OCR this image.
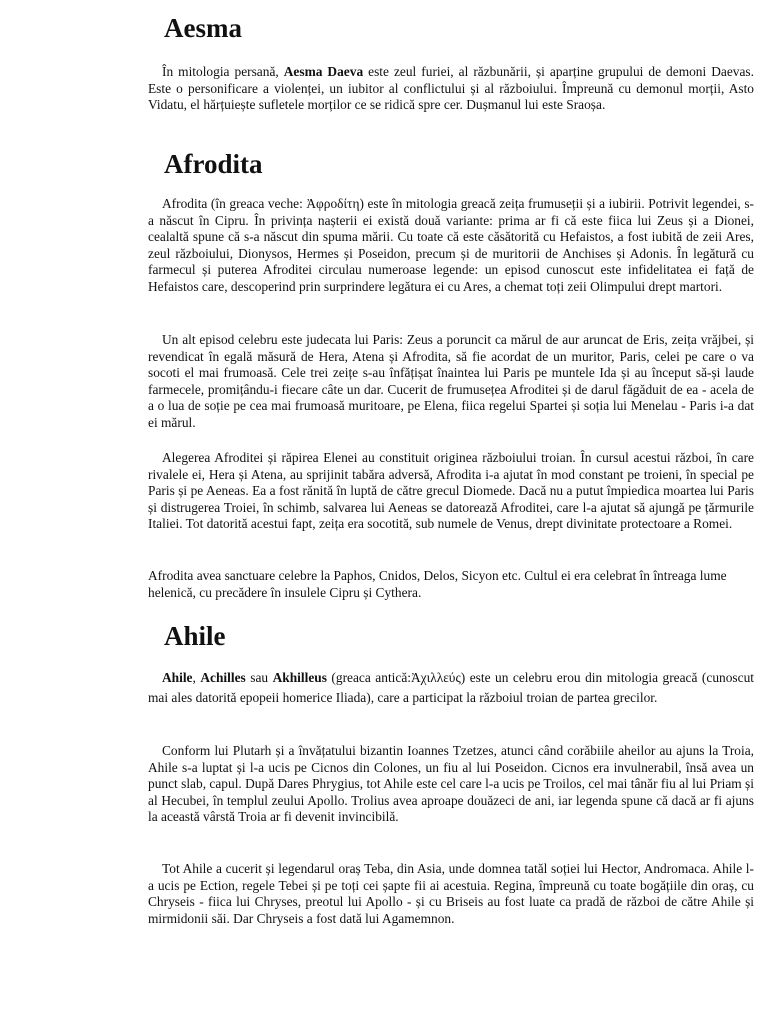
Aesma

În mitologia persană, Aesma Daeva este zeul furiei, al răzbunării, și aparține grupului de demoni Daevas. Este o personificare a violenței, un iubitor al conflictului și al războiului. Împreună cu demonul morții, Asto Vidatu, el hărțuiește sufletele morților ce se ridică spre cer. Dușmanul lui este Sraoșa.

Afrodita

Afrodita (în greaca veche: Ἀφροδίτη) este în mitologia greacă zeița frumuseții și a iubirii. Potrivit legendei, s-a născut în Cipru. În privința nașterii ei există două variante: prima ar fi că este fiica lui Zeus și a Dionei, cealaltă spune că s-a născut din spuma mării. Cu toate că este căsătorită cu Hefaistos, a fost iubită de zeii Ares, zeul războiului, Dionysos, Hermes și Poseidon, precum și de muritorii de Anchises și Adonis. În legătură cu farmecul și puterea Afroditei circulau numeroase legende: un episod cunoscut este infidelitatea ei față de Hefaistos care, descoperind prin surprindere legătura ei cu Ares, a chemat toți zeii Olimpului drept martori.

Un alt episod celebru este judecata lui Paris: Zeus a poruncit ca mărul de aur aruncat de Eris, zeița vrăjbei, și revendicat în egală măsură de Hera, Atena și Afrodita, să fie acordat de un muritor, Paris, celei pe care o va socoti el mai frumoasă. Cele trei zeițe s-au înfățișat înaintea lui Paris pe muntele Ida și au început să-și laude farmecele, promițându-i fiecare câte un dar. Cucerit de frumusețea Afroditei și de darul făgăduit de ea - acela de a o lua de soție pe cea mai frumoasă muritoare, pe Elena, fiica regelui Spartei și soția lui Menelau - Paris i-a dat ei mărul.

Alegerea Afroditei și răpirea Elenei au constituit originea războiului troian. În cursul acestui război, în care rivalele ei, Hera și Atena, au sprijinit tabăra adversă, Afrodita i-a ajutat în mod constant pe troieni, în special pe Paris și pe Aeneas. Ea a fost rănită în luptă de către grecul Diomede. Dacă nu a putut împiedica moartea lui Paris și distrugerea Troiei, în schimb, salvarea lui Aeneas se datorează Afroditei, care l-a ajutat să ajungă pe țărmurile Italiei. Tot datorită acestui fapt, zeița era socotită, sub numele de Venus, drept divinitate protectoare a Romei.

Afrodita avea sanctuare celebre la Paphos, Cnidos, Delos, Sicyon etc. Cultul ei era celebrat în întreaga lume helenică, cu precădere în insulele Cipru și Cythera.

Ahile

Ahile, Achilles sau Akhilleus (greaca antică:Ἀχιλλεύς) este un celebru erou din mitologia greacă (cunoscut mai ales datorită epopeii homerice Iliada), care a participat la războiul troian de partea grecilor.

Conform lui Plutarh și a învățatului bizantin Ioannes Tzetzes, atunci când corăbiile aheilor au ajuns la Troia, Ahile s-a luptat și l-a ucis pe Cicnos din Colones, un fiu al lui Poseidon. Cicnos era invulnerabil, însă avea un punct slab, capul. După Dares Phrygius, tot Ahile este cel care l-a ucis pe Troilos, cel mai tânăr fiu al lui Priam și al Hecubei, în templul zeului Apollo. Trolius avea aproape douăzeci de ani, iar legenda spune că dacă ar fi ajuns la această vârstă Troia ar fi devenit invincibilă.

Tot Ahile a cucerit și legendarul oraș Teba, din Asia, unde domnea tatăl soției lui Hector, Andromaca. Ahile l-a ucis pe Ection, regele Tebei și pe toți cei șapte fii ai acestuia. Regina, împreună cu toate bogățiile din oraș, cu Chryseis - fiica lui Chryses, preotul lui Apollo - și cu Briseis au fost luate ca pradă de război de către Ahile și mirmidonii săi. Dar Chryseis a fost dată lui Agamemnon.
